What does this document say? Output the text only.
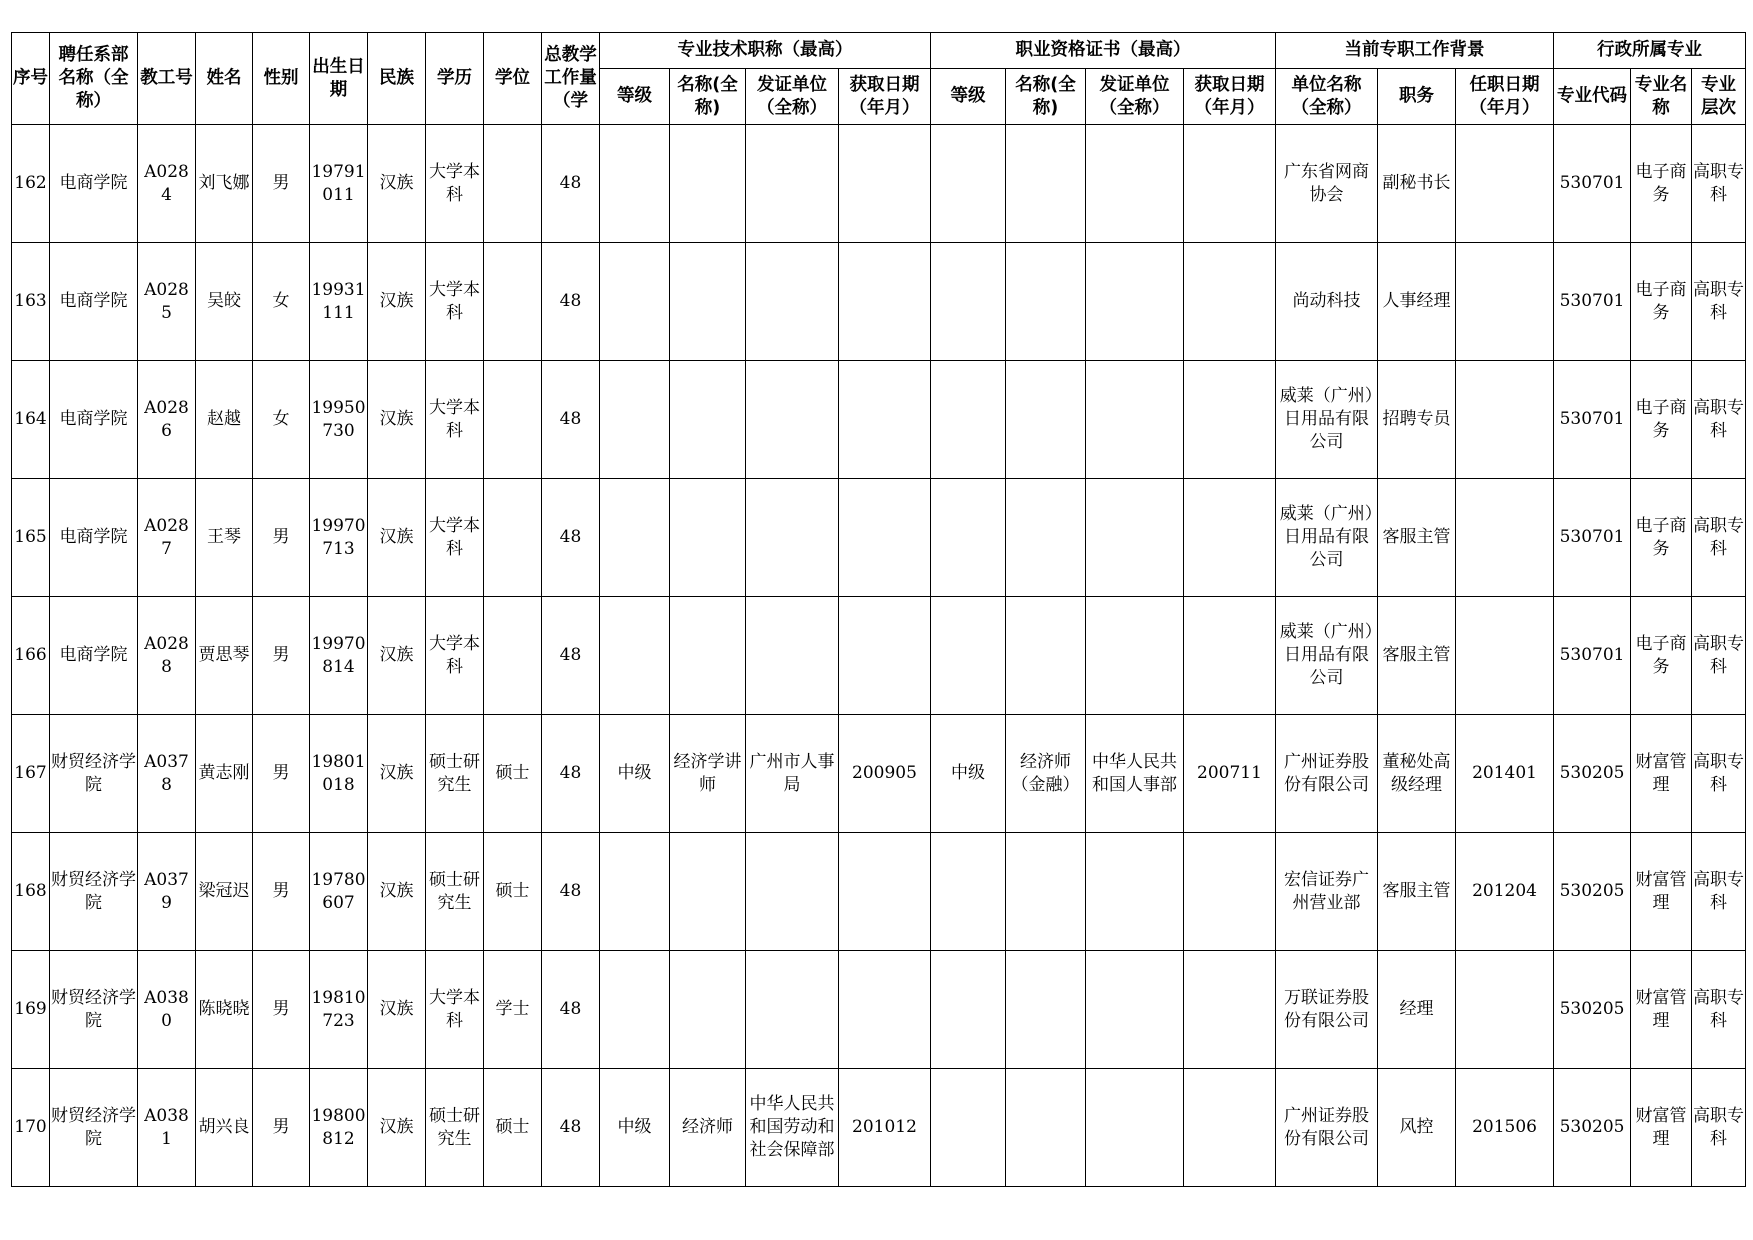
序号	聘任系部名称（全称）	教工号	姓名	性别	出生日期	民族	学历	学位	总教学工作量（学	专业技术职称（最高）				职业资格证书（最高）				当前专职工作背景			行政所属专业		
										等级	名称(全称)	发证单位（全称）	获取日期（年月）	等级	名称(全称)	发证单位（全称）	获取日期（年月）	单位名称（全称）	职务	任职日期（年月）	专业代码	专业名称	专业层次

162	电商学院	A0284	刘飞娜	男	19791011	汉族	大学本科		48									广东省网商协会	副秘书长		530701	电子商务	高职专科

163	电商学院	A0285	吴皎	女	19931111	汉族	大学本科		48									尚动科技	人事经理		530701	电子商务	高职专科

164	电商学院	A0286	赵越	女	19950730	汉族	大学本科		48									威莱（广州）日用品有限公司	招聘专员		530701	电子商务	高职专科

165	电商学院	A0287	王琴	男	19970713	汉族	大学本科		48									威莱（广州）日用品有限公司	客服主管		530701	电子商务	高职专科

166	电商学院	A0288	贾思琴	男	19970814	汉族	大学本科		48									威莱（广州）日用品有限公司	客服主管		530701	电子商务	高职专科

167	财贸经济学院	A0378	黄志刚	男	19801018	汉族	硕士研究生	硕士	48	中级	经济学讲师	广州市人事局	200905	中级	经济师（金融）	中华人民共和国人事部	200711	广州证券股份有限公司	董秘处高级经理	201401	530205	财富管理	高职专科

168	财贸经济学院	A0379	梁冠迟	男	19780607	汉族	硕士研究生	硕士	48									宏信证券广州营业部	客服主管	201204	530205	财富管理	高职专科

169	财贸经济学院	A0380	陈晓晓	男	19810723	汉族	大学本科	学士	48									万联证券股份有限公司	经理		530205	财富管理	高职专科

170	财贸经济学院	A0381	胡兴良	男	19800812	汉族	硕士研究生	硕士	48	中级	经济师	中华人民共和国劳动和社会保障部	201012					广州证券股份有限公司	风控	201506	530205	财富管理	高职专科
